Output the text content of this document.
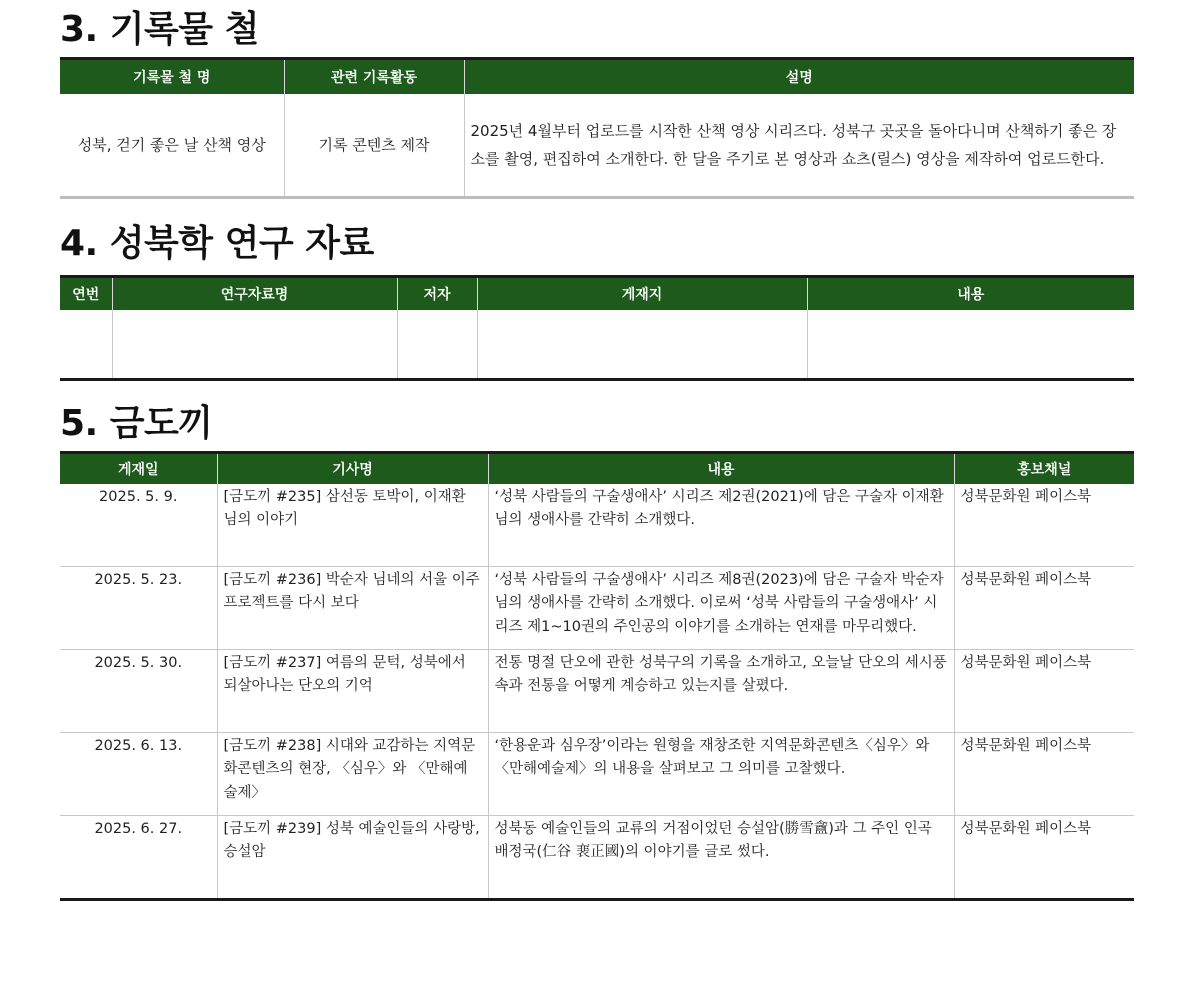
3. 기록물 철
기록물 철 명	관련 기록활동	설명
성북, 걷기 좋은 날 산책 영상	기록 콘텐츠 제작	2025년 4월부터 업로드를 시작한 산책 영상 시리즈다. 성북구 곳곳을 돌아다니며 산책하기 좋은 장소를 촬영, 편집하여 소개한다. 한 달을 주기로 본 영상과 쇼츠(릴스) 영상을 제작하여 업로드한다.
4. 성북학 연구 자료
연번	연구자료명	저자	게재지	내용

5. 금도끼
게재일	기사명	내용	홍보채널
2025. 5. 9.	[금도끼 #235] 삼선동 토박이, 이재환 님의 이야기	‘성북 사람들의 구술생애사’ 시리즈 제2권(2021)에 담은 구술자 이재환 님의 생애사를 간략히 소개했다.	성북문화원 페이스북
2025. 5. 23.	[금도끼 #236] 박순자 님네의 서울 이주 프로젝트를 다시 보다	‘성북 사람들의 구술생애사’ 시리즈 제8권(2023)에 담은 구술자 박순자 님의 생애사를 간략히 소개했다. 이로써 ‘성북 사람들의 구술생애사’ 시리즈 제1~10권의 주인공의 이야기를 소개하는 연재를 마무리했다.	성북문화원 페이스북
2025. 5. 30.	[금도끼 #237] 여름의 문턱, 성북에서 되살아나는 단오의 기억	전통 명절 단오에 관한 성북구의 기록을 소개하고, 오늘날 단오의 세시풍속과 전통을 어떻게 계승하고 있는지를 살폈다.	성북문화원 페이스북
2025. 6. 13.	[금도끼 #238] 시대와 교감하는 지역문화콘텐츠의 현장, 〈심우〉와 〈만해예술제〉	‘한용운과 심우장’이라는 원형을 재창조한 지역문화콘텐츠〈심우〉와 〈만해예술제〉의 내용을 살펴보고 그 의미를 고찰했다.	성북문화원 페이스북
2025. 6. 27.	[금도끼 #239] 성북 예술인들의 사랑방, 승설암	성북동 예술인들의 교류의 거점이었던 승설암(勝雪盦)과 그 주인 인곡 배정국(仁谷 裵正國)의 이야기를 글로 썼다.	성북문화원 페이스북
